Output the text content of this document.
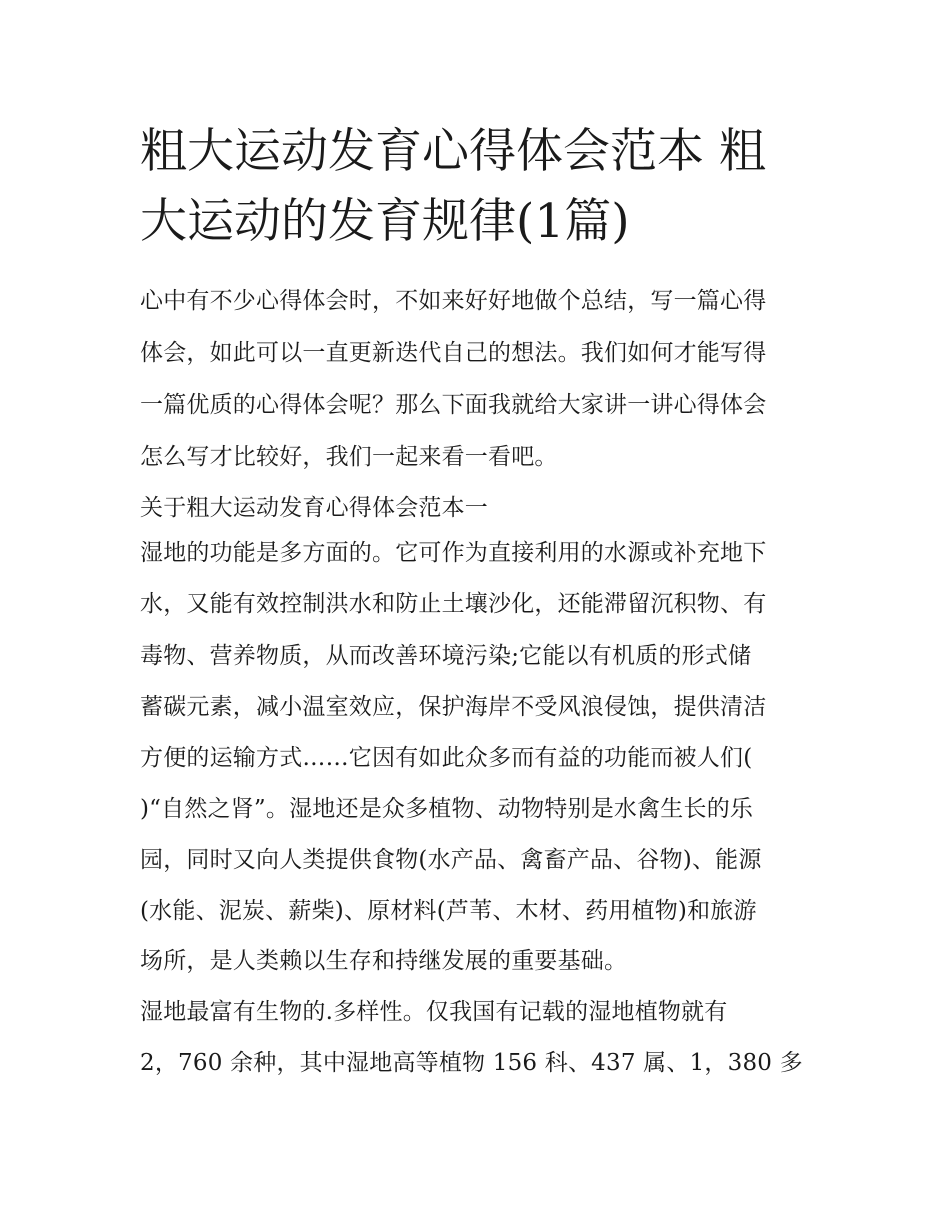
粗大运动发育心得体会范本 粗
大运动的发育规律(1篇)
心中有不少心得体会时，不如来好好地做个总结，写一篇心得
体会，如此可以一直更新迭代自己的想法。我们如何才能写得
一篇优质的心得体会呢？那么下面我就给大家讲一讲心得体会
怎么写才比较好，我们一起来看一看吧。
关于粗大运动发育心得体会范本一
湿地的功能是多方面的。它可作为直接利用的水源或补充地下
水，又能有效控制洪水和防止土壤沙化，还能滞留沉积物、有
毒物、营养物质，从而改善环境污染;它能以有机质的形式储
蓄碳元素，减小温室效应，保护海岸不受风浪侵蚀，提供清洁
方便的运输方式……它因有如此众多而有益的功能而被人们(
)“自然之肾”。湿地还是众多植物、动物特别是水禽生长的乐
园，同时又向人类提供食物(水产品、禽畜产品、谷物)、能源
(水能、泥炭、薪柴)、原材料(芦苇、木材、药用植物)和旅游
场所，是人类赖以生存和持继发展的重要基础。
湿地最富有生物的.多样性。仅我国有记载的湿地植物就有
2，760 余种，其中湿地高等植物 156 科、437 属、1，380 多
